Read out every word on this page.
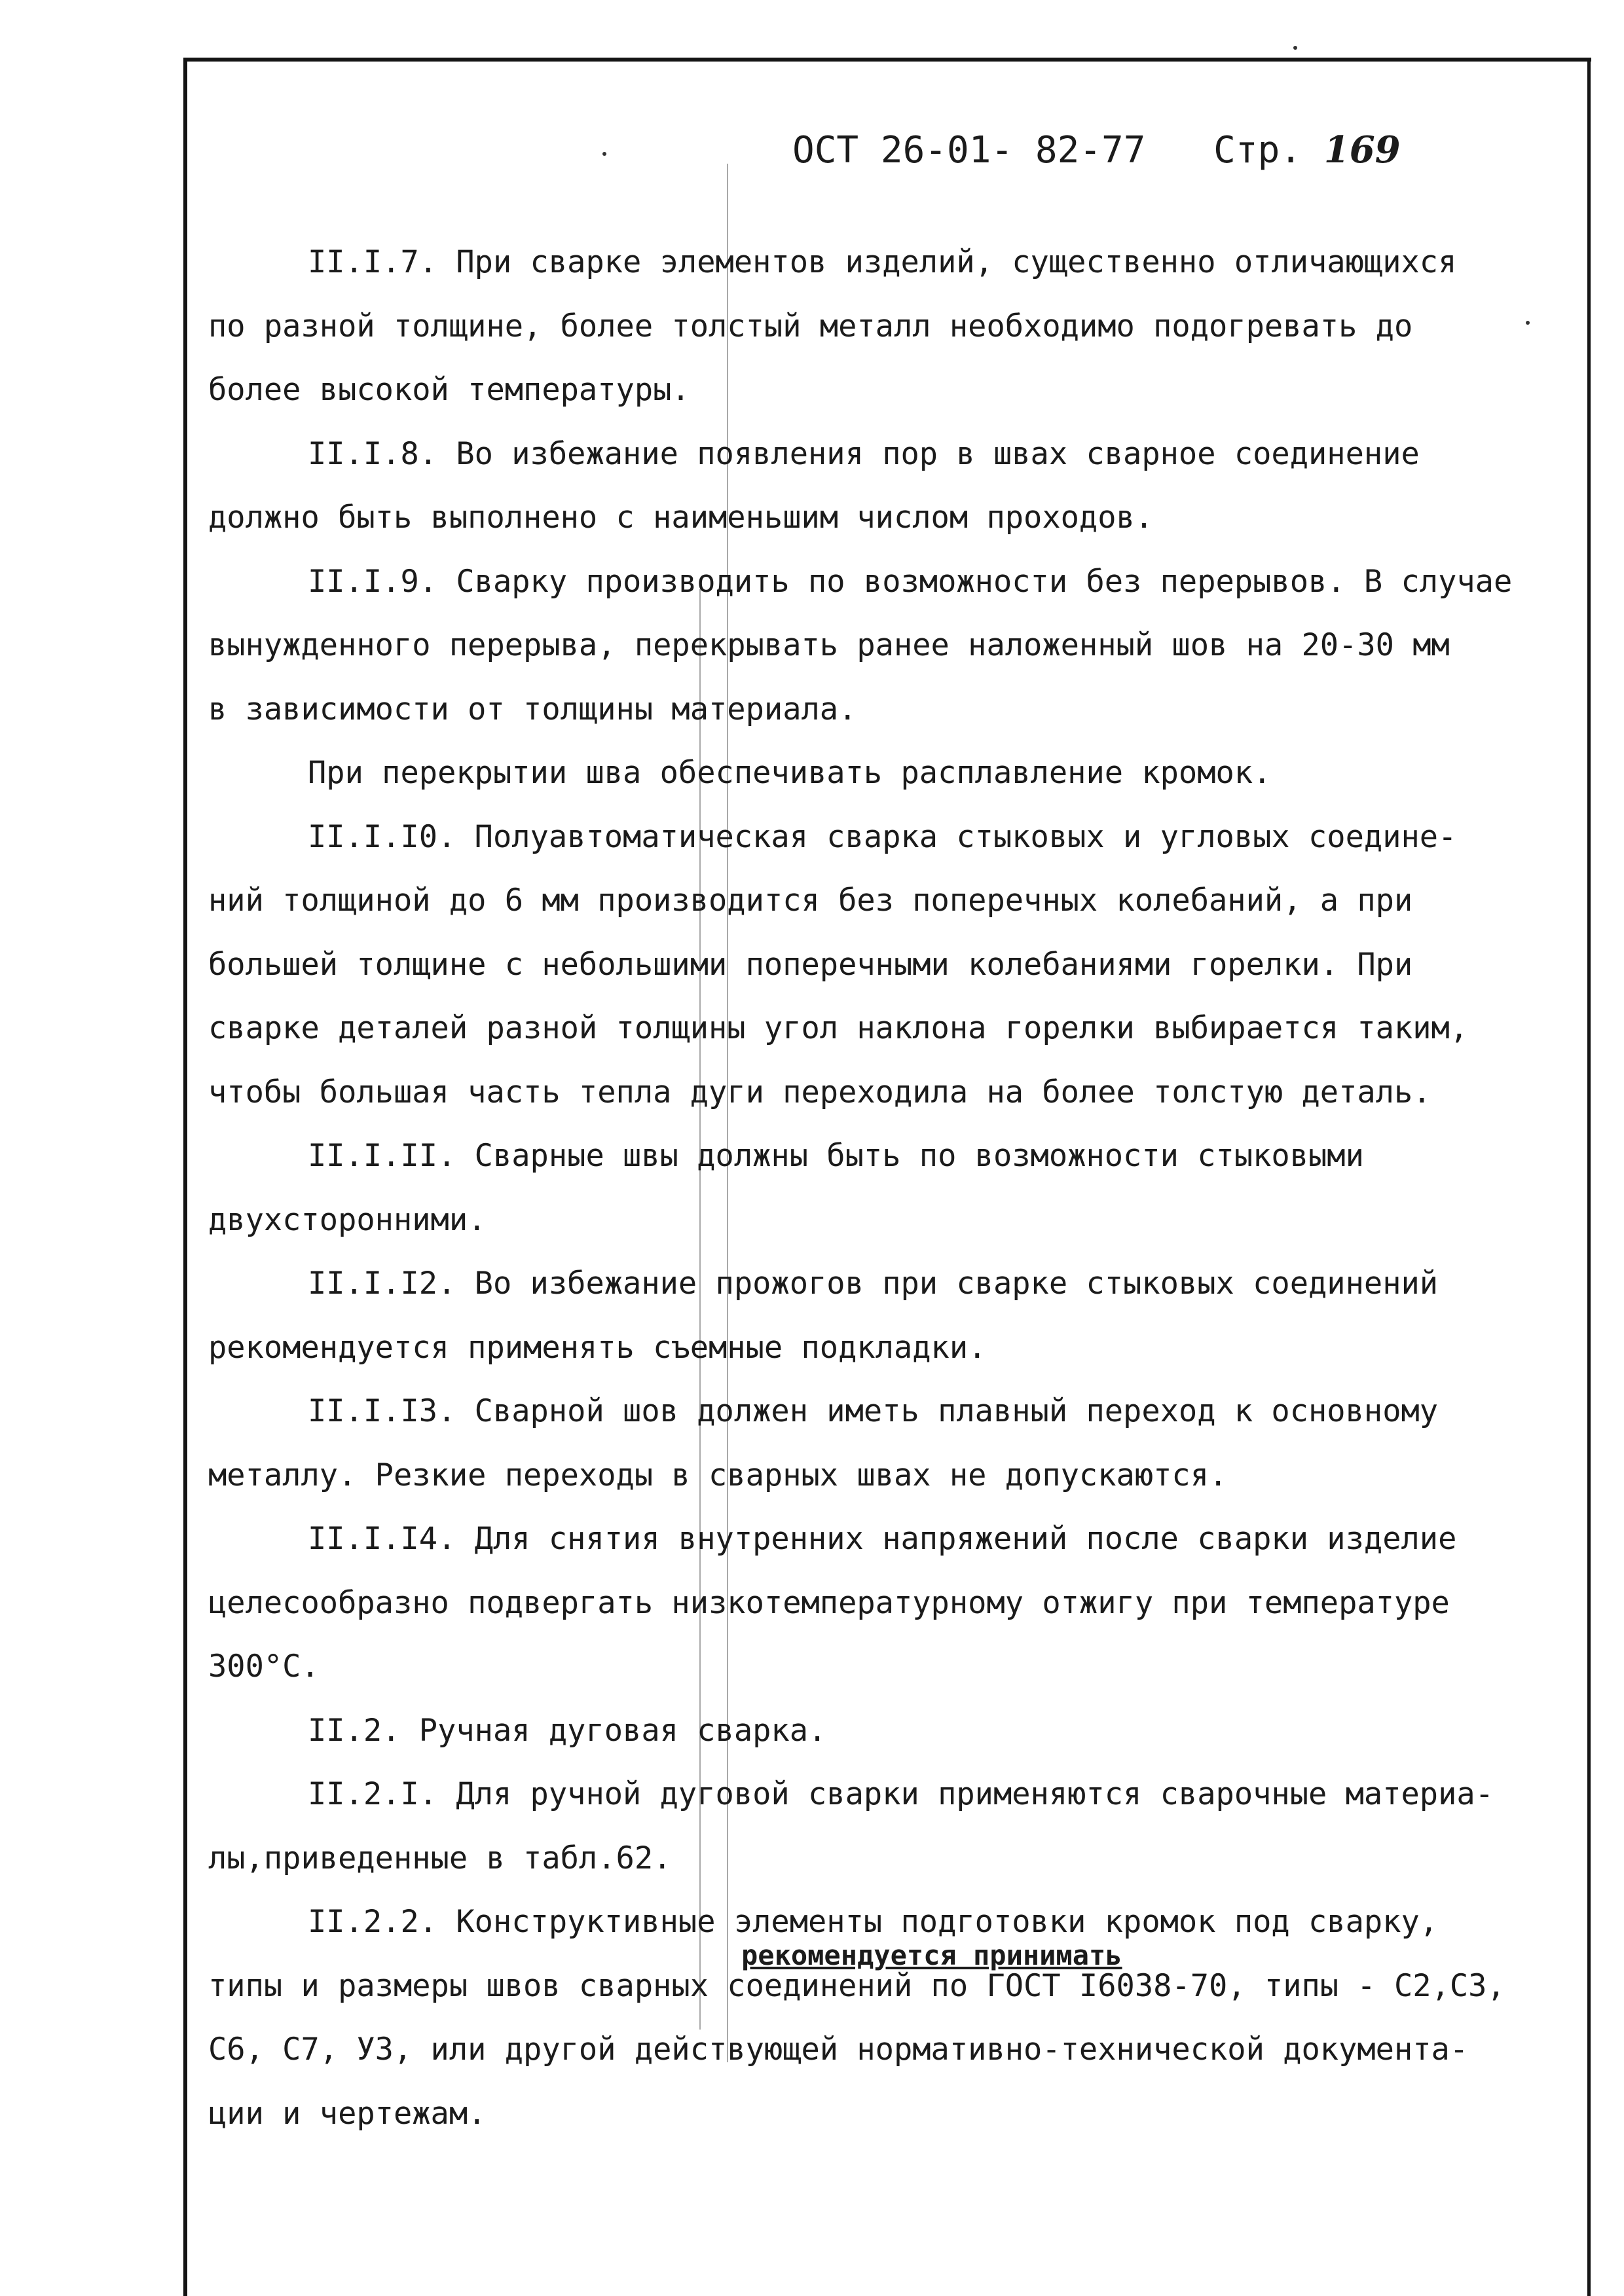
ОСТ 26-01- 82-77 Стр. 169
II.I.7. При сварке элементов изделий, существенно отличающихся
по разной толщине, более толстый металл необходимо подогревать до
более высокой температуры.
II.I.8. Во избежание появления пор в швах сварное соединение
должно быть выполнено с наименьшим числом проходов.
II.I.9. Сварку производить по возможности без перерывов. В случае
вынужденного перерыва, перекрывать ранее наложенный шов на 20-30 мм
в зависимости от толщины материала.
При перекрытии шва обеспечивать расплавление кромок.
II.I.I0. Полуавтоматическая сварка стыковых и угловых соедине-
ний толщиной до 6 мм производится без поперечных колебаний, а при
большей толщине с небольшими поперечными колебаниями горелки. При
сварке деталей разной толщины угол наклона горелки выбирается таким,
чтобы большая часть тепла дуги переходила на более толстую деталь.
II.I.II. Сварные швы должны быть по возможности стыковыми
двухсторонними.
II.I.I2. Во избежание прожогов при сварке стыковых соединений
рекомендуется применять съемные подкладки.
II.I.I3. Сварной шов должен иметь плавный переход к основному
металлу. Резкие переходы в сварных швах не допускаются.
II.I.I4. Для снятия внутренних напряжений после сварки изделие
целесообразно подвергать низкотемпературному отжигу при температуре
300°С.
II.2. Ручная дуговая сварка.
II.2.I. Для ручной дуговой сварки применяются сварочные материа-
лы,приведенные в табл.62.
II.2.2. Конструктивные элементы подготовки кромок под сварку,
типы и размеры швов сварных соединений по ГОСТ I6038-70, типы - С2,С3,
С6, С7, У3, или другой действующей нормативно-технической документа-
ции и чертежам.
рекомендуется принимать
